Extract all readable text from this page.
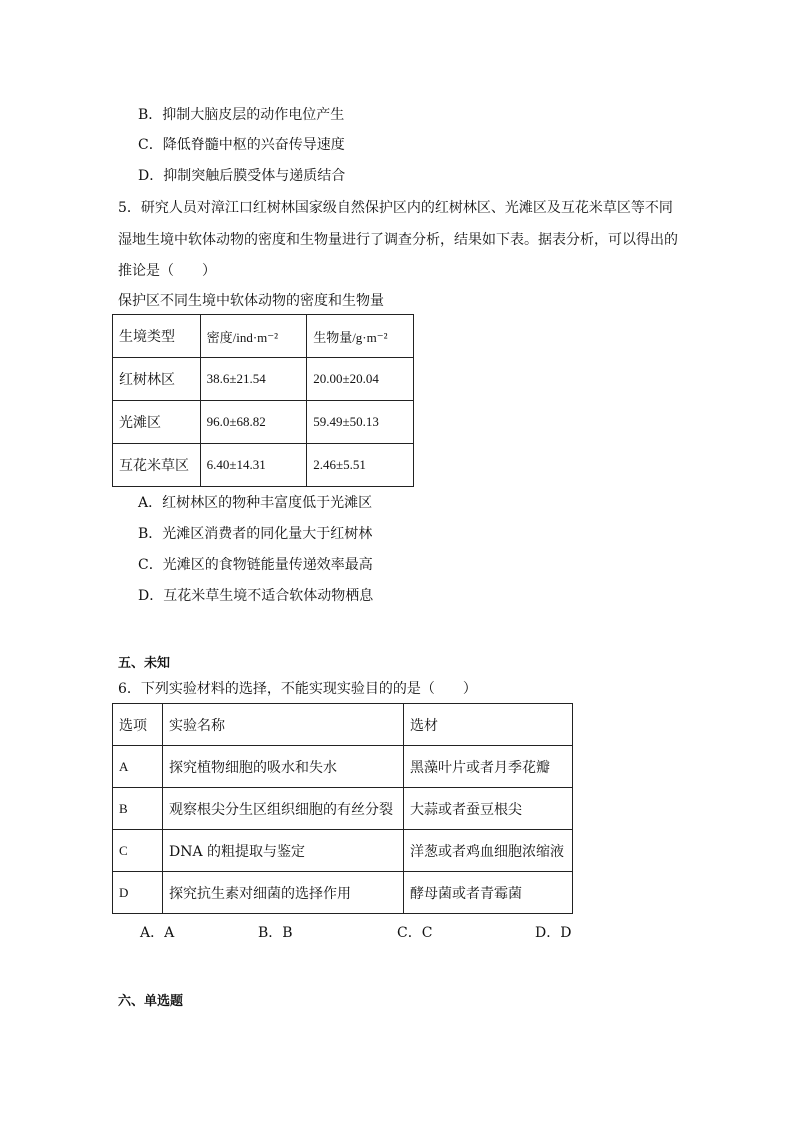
B．抑制大脑皮层的动作电位产生
C．降低脊髓中枢的兴奋传导速度
D．抑制突触后膜受体与递质结合
5．研究人员对漳江口红树林国家级自然保护区内的红树林区、光滩区及互花米草区等不同
湿地生境中软体动物的密度和生物量进行了调查分析，结果如下表。据表分析，可以得出的
推论是（　　）
保护区不同生境中软体动物的密度和生物量
生境类型	密度/ind·m⁻²	生物量/g·m⁻²
红树林区	38.6±21.54	20.00±20.04
光滩区	96.0±68.82	59.49±50.13
互花米草区	6.40±14.31	2.46±5.51
A．红树林区的物种丰富度低于光滩区
B．光滩区消费者的同化量大于红树林
C．光滩区的食物链能量传递效率最高
D．互花米草生境不适合软体动物栖息
五、未知
6．下列实验材料的选择，不能实现实验目的的是（　　）
选项	实验名称	选材
A	探究植物细胞的吸水和失水	黑藻叶片或者月季花瓣
B	观察根尖分生区组织细胞的有丝分裂	大蒜或者蚕豆根尖
C	DNA 的粗提取与鉴定	洋葱或者鸡血细胞浓缩液
D	探究抗生素对细菌的选择作用	酵母菌或者青霉菌
A．A	B．B	C．C	D．D
六、单选题
